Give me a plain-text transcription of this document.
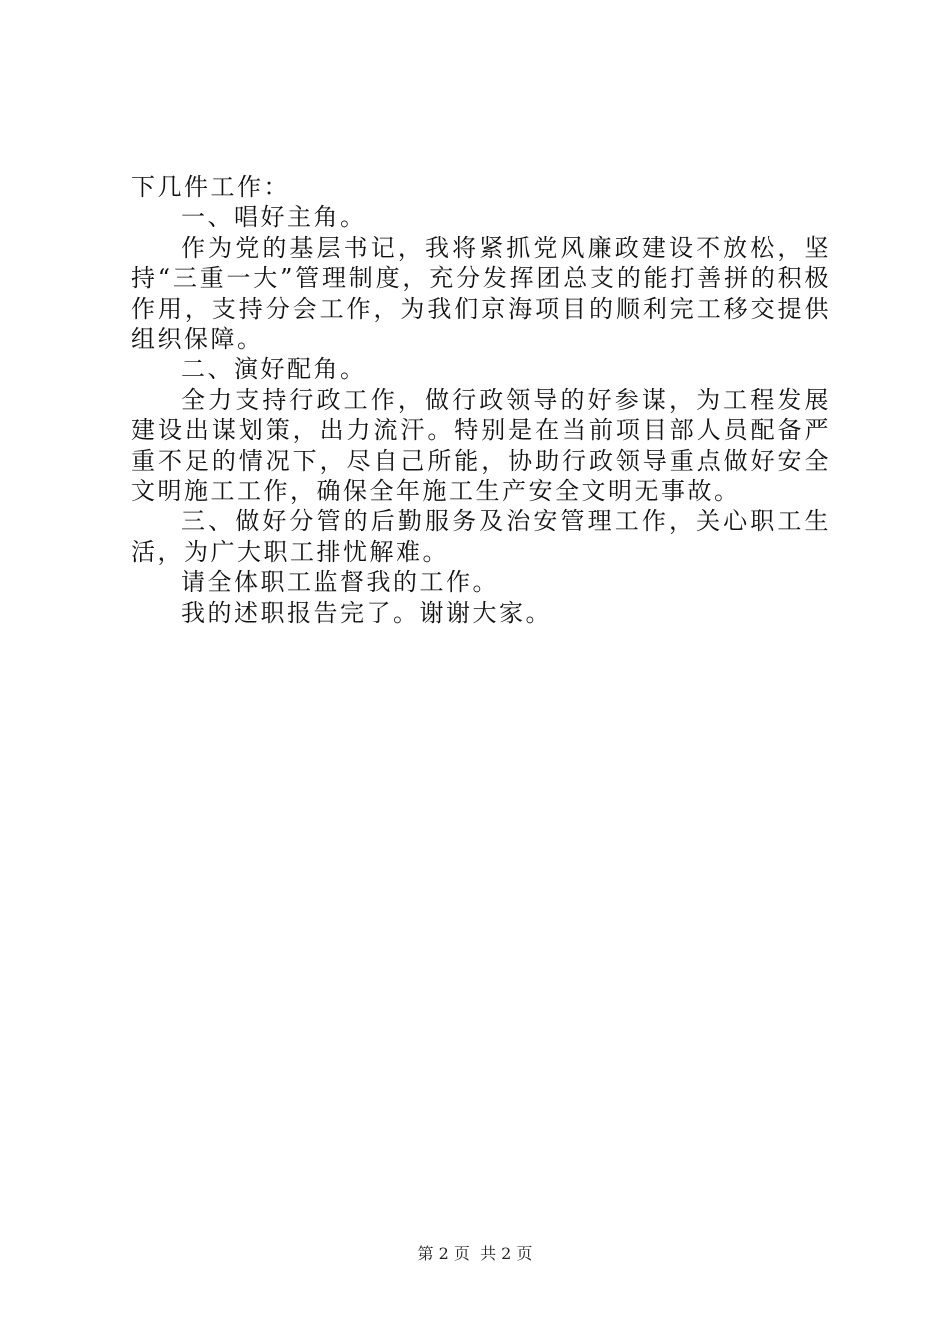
下几件工作：

一、唱好主角。

作为党的基层书记，我将紧抓党风廉政建设不放松，坚持“三重一大”管理制度，充分发挥团总支的能打善拼的积极作用，支持分会工作，为我们京海项目的顺利完工移交提供组织保障。

二、演好配角。

全力支持行政工作，做行政领导的好参谋，为工程发展建设出谋划策，出力流汗。特别是在当前项目部人员配备严重不足的情况下，尽自己所能，协助行政领导重点做好安全文明施工工作，确保全年施工生产安全文明无事故。

三、做好分管的后勤服务及治安管理工作，关心职工生活，为广大职工排忧解难。

请全体职工监督我的工作。

我的述职报告完了。谢谢大家。

第 2 页  共 2 页
